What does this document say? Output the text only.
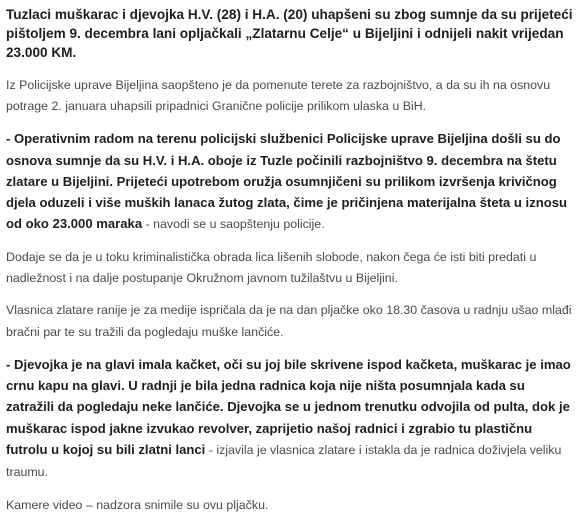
Tuzlaci muškarac i djevojka H.V. (28) i H.A. (20) uhapšeni su zbog sumnje da su prijeteći pištoljem 9. decembra lani opljačkali „Zlatarnu Celje“ u Bijeljini i odnijeli nakit vrijedan 23.000 KM.

Iz Policijske uprave Bijeljina saopšteno je da pomenute terete za razbojništvo, a da su ih na osnovu potrage 2. januara uhapsili pripadnici Granične policije prilikom ulaska u BiH.

- Operativnim radom na terenu policijski službenici Policijske uprave Bijeljina došli su do osnova sumnje da su H.V. i H.A. oboje iz Tuzle počinili razbojništvo 9. decembra na štetu zlatare u Bijeljini. Prijeteći upotrebom oružja osumnjičeni su prilikom izvršenja krivičnog djela oduzeli i više muških lanaca žutog zlata, čime je pričinjena materijalna šteta u iznosu od oko 23.000 maraka - navodi se u saopštenju policije.

Dodaje se da je u toku kriminalistička obrada lica lišenih slobode, nakon čega će isti biti predati u nadležnost i na dalje postupanje Okružnom javnom tužilaštvu u Bijeljini.

Vlasnica zlatare ranije je za medije ispričala da je na dan pljačke oko 18.30 časova u radnju ušao mlađi bračni par te su tražili da pogledaju muške lančiće.

- Djevojka je na glavi imala kačket, oči su joj bile skrivene ispod kačketa, muškarac je imao crnu kapu na glavi. U radnji je bila jedna radnica koja nije ništa posumnjala kada su zatražili da pogledaju neke lančiće. Djevojka se u jednom trenutku odvojila od pulta, dok je muškarac ispod jakne izvukao revolver, zaprijetio našoj radnici i zgrabio tu plastičnu futrolu u kojoj su bili zlatni lanci - izjavila je vlasnica zlatare i istakla da je radnica doživjela veliku traumu.

Kamere video – nadzora snimile su ovu pljačku.
